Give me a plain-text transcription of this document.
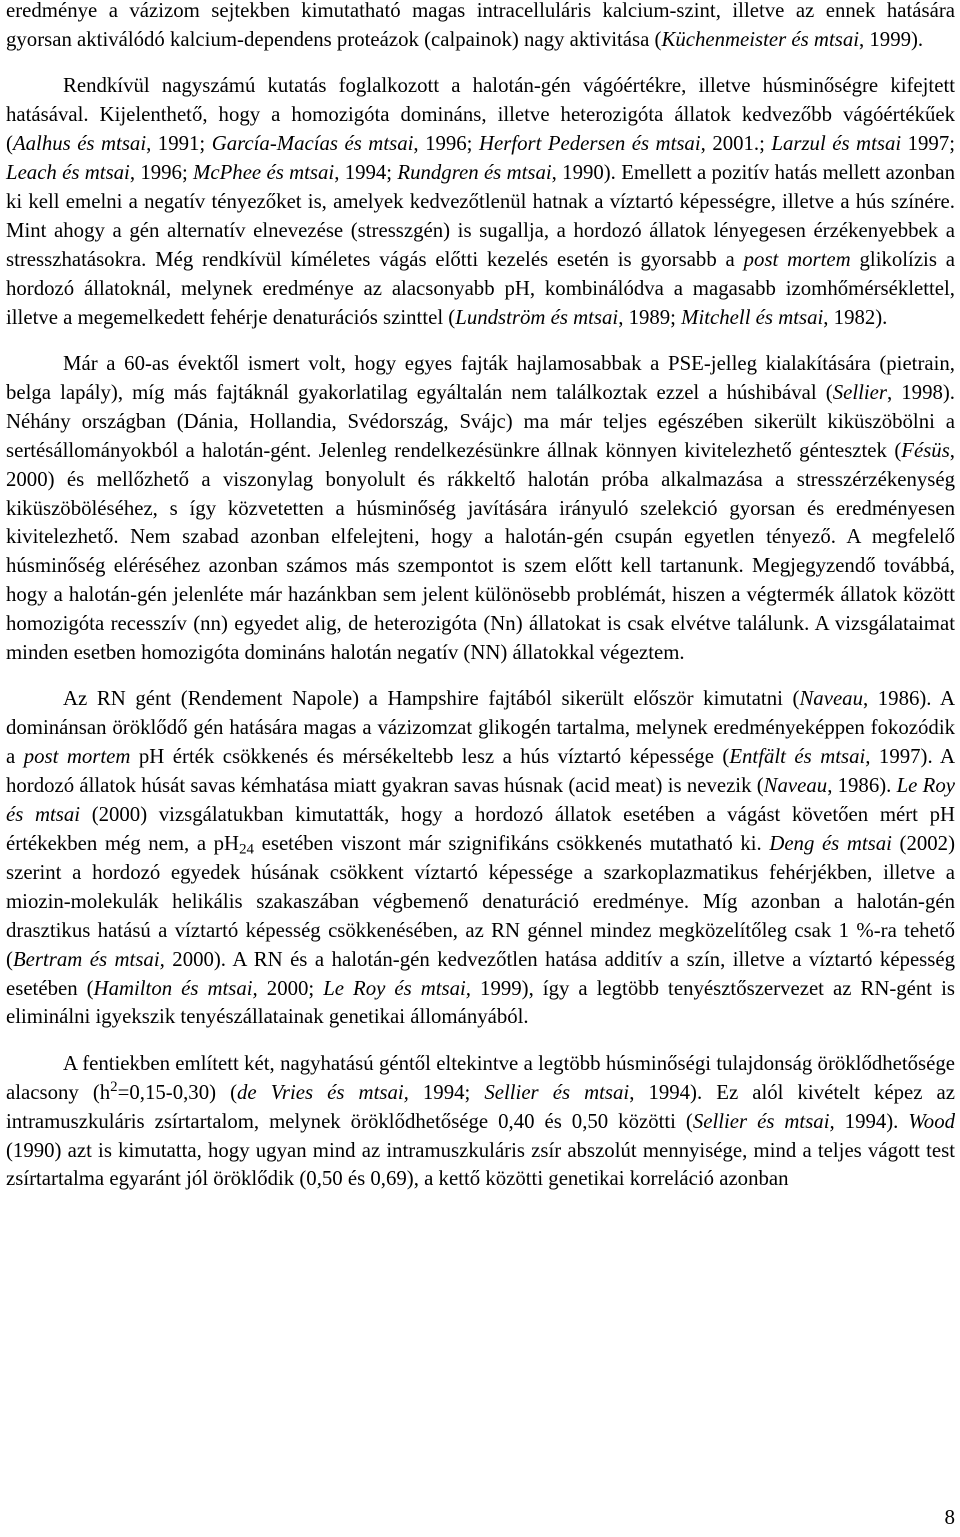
eredménye a vázizom sejtekben kimutatható magas intracelluláris kalcium-szint, illetve az ennek hatására gyorsan aktiválódó kalcium-dependens proteázok (calpainok) nagy aktivitása (Küchenmeister és mtsai, 1999).

Rendkívül nagyszámú kutatás foglalkozott a halotán-gén vágóértékre, illetve húsminőségre kifejtett hatásával. Kijelenthető, hogy a homozigóta domináns, illetve heterozigóta állatok kedvezőbb vágóértékűek (Aalhus és mtsai, 1991; García-Macías és mtsai, 1996; Herfort Pedersen és mtsai, 2001.; Larzul és mtsai 1997; Leach és mtsai, 1996; McPhee és mtsai, 1994; Rundgren és mtsai, 1990). Emellett a pozitív hatás mellett azonban ki kell emelni a negatív tényezőket is, amelyek kedvezőtlenül hatnak a víztartó képességre, illetve a hús színére. Mint ahogy a gén alternatív elnevezése (stresszgén) is sugallja, a hordozó állatok lényegesen érzékenyebbek a stresszhatásokra. Még rendkívül kíméletes vágás előtti kezelés esetén is gyorsabb a post mortem glikolízis a hordozó állatoknál, melynek eredménye az alacsonyabb pH, kombinálódva a magasabb izomhőmérséklettel, illetve a megemelkedett fehérje denaturációs szinttel (Lundström és mtsai, 1989; Mitchell és mtsai, 1982).

Már a 60-as évektől ismert volt, hogy egyes fajták hajlamosabbak a PSE-jelleg kialakítására (pietrain, belga lapály), míg más fajtáknál gyakorlatilag egyáltalán nem találkoztak ezzel a húshibával (Sellier, 1998). Néhány országban (Dánia, Hollandia, Svédország, Svájc) ma már teljes egészében sikerült kiküszöbölni a sertésállományokból a halotán-gént. Jelenleg rendelkezésünkre állnak könnyen kivitelezhető géntesztek (Fésüs, 2000) és mellőzhető a viszonylag bonyolult és rákkeltő halotán próba alkalmazása a stresszérzékenység kiküszöböléséhez, s így közvetetten a húsminőség javítására irányuló szelekció gyorsan és eredményesen kivitelezhető. Nem szabad azonban elfelejteni, hogy a halotán-gén csupán egyetlen tényező. A megfelelő húsminőség eléréséhez azonban számos más szempontot is szem előtt kell tartanunk. Megjegyzendő továbbá, hogy a halotán-gén jelenléte már hazánkban sem jelent különösebb problémát, hiszen a végtermék állatok között homozigóta recesszív (nn) egyedet alig, de heterozigóta (Nn) állatokat is csak elvétve találunk. A vizsgálataimat minden esetben homozigóta domináns halotán negatív (NN) állatokkal végeztem.

Az RN gént (Rendement Napole) a Hampshire fajtából sikerült először kimutatni (Naveau, 1986). A dominánsan öröklődő gén hatására magas a vázizomzat glikogén tartalma, melynek eredményeképpen fokozódik a post mortem pH érték csökkenés és mérsékeltebb lesz a hús víztartó képessége (Entfält és mtsai, 1997). A hordozó állatok húsát savas kémhatása miatt gyakran savas húsnak (acid meat) is nevezik (Naveau, 1986). Le Roy és mtsai (2000) vizsgálatukban kimutatták, hogy a hordozó állatok esetében a vágást követően mért pH értékekben még nem, a $pH_{24}$ esetében viszont már szignifikáns csökkenés mutatható ki. Deng és mtsai (2002) szerint a hordozó egyedek húsának csökkent víztartó képessége a szarkoplazmatikus fehérjékben, illetve a miozin-molekulák helikális szakaszában végbemenő denaturáció eredménye. Míg azonban a halotán-gén drasztikus hatású a víztartó képesség csökkenésében, az RN génnel mindez megközelítőleg csak 1 %-ra tehető (Bertram és mtsai, 2000). A RN és a halotán-gén kedvezőtlen hatása additív a szín, illetve a víztartó képesség esetében (Hamilton és mtsai, 2000; Le Roy és mtsai, 1999), így a legtöbb tenyésztőszervezet az RN-gént is eliminálni igyekszik tenyészállatainak genetikai állományából.

A fentiekben említett két, nagyhatású géntől eltekintve a legtöbb húsminőségi tulajdonság öröklődhetősége alacsony $(h^2=0,15-0,30)$ (de Vries és mtsai, 1994; Sellier és mtsai, 1994). Ez alól kivételt képez az intramuszkuláris zsírtartalom, melynek öröklődhetősége 0,40 és 0,50 közötti (Sellier és mtsai, 1994). Wood (1990) azt is kimutatta, hogy ugyan mind az intramuszkuláris zsír abszolút mennyisége, mind a teljes vágott test zsírtartalma egyaránt jól öröklődik (0,50 és 0,69), a kettő közötti genetikai korreláció azonban

8
